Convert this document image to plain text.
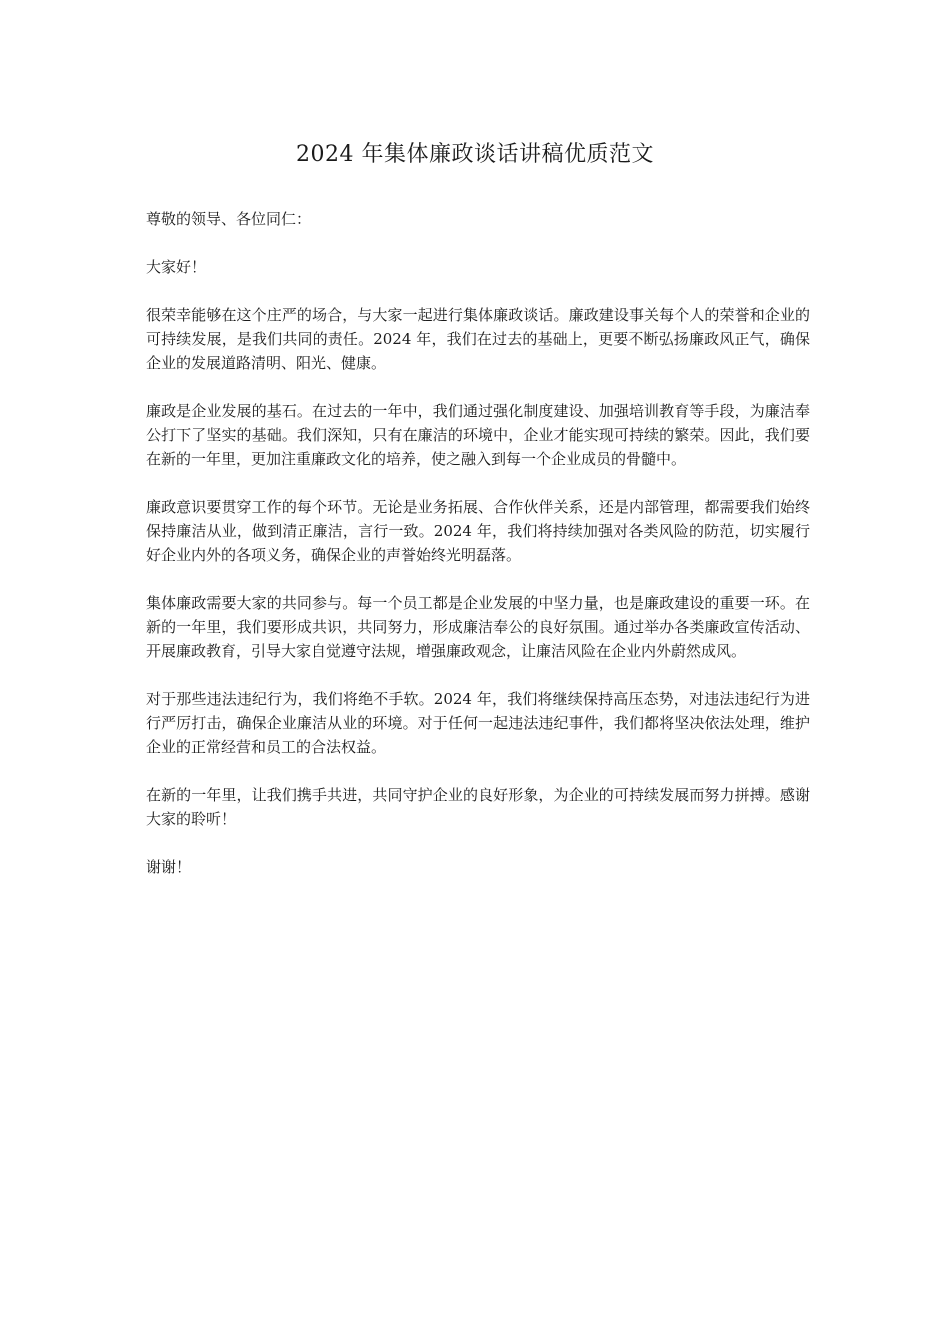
2024 年集体廉政谈话讲稿优质范文

尊敬的领导、各位同仁：

大家好！

很荣幸能够在这个庄严的场合，与大家一起进行集体廉政谈话。廉政建设事关每个人的荣誉和企业的可持续发展，是我们共同的责任。2024 年，我们在过去的基础上，更要不断弘扬廉政风正气，确保企业的发展道路清明、阳光、健康。

廉政是企业发展的基石。在过去的一年中，我们通过强化制度建设、加强培训教育等手段，为廉洁奉公打下了坚实的基础。我们深知，只有在廉洁的环境中，企业才能实现可持续的繁荣。因此，我们要在新的一年里，更加注重廉政文化的培养，使之融入到每一个企业成员的骨髓中。

廉政意识要贯穿工作的每个环节。无论是业务拓展、合作伙伴关系，还是内部管理，都需要我们始终保持廉洁从业，做到清正廉洁，言行一致。2024 年，我们将持续加强对各类风险的防范，切实履行好企业内外的各项义务，确保企业的声誉始终光明磊落。

集体廉政需要大家的共同参与。每一个员工都是企业发展的中坚力量，也是廉政建设的重要一环。在新的一年里，我们要形成共识，共同努力，形成廉洁奉公的良好氛围。通过举办各类廉政宣传活动、开展廉政教育，引导大家自觉遵守法规，增强廉政观念，让廉洁风险在企业内外蔚然成风。

对于那些违法违纪行为，我们将绝不手软。2024 年，我们将继续保持高压态势，对违法违纪行为进行严厉打击，确保企业廉洁从业的环境。对于任何一起违法违纪事件，我们都将坚决依法处理，维护企业的正常经营和员工的合法权益。

在新的一年里，让我们携手共进，共同守护企业的良好形象，为企业的可持续发展而努力拼搏。感谢大家的聆听！

谢谢！
